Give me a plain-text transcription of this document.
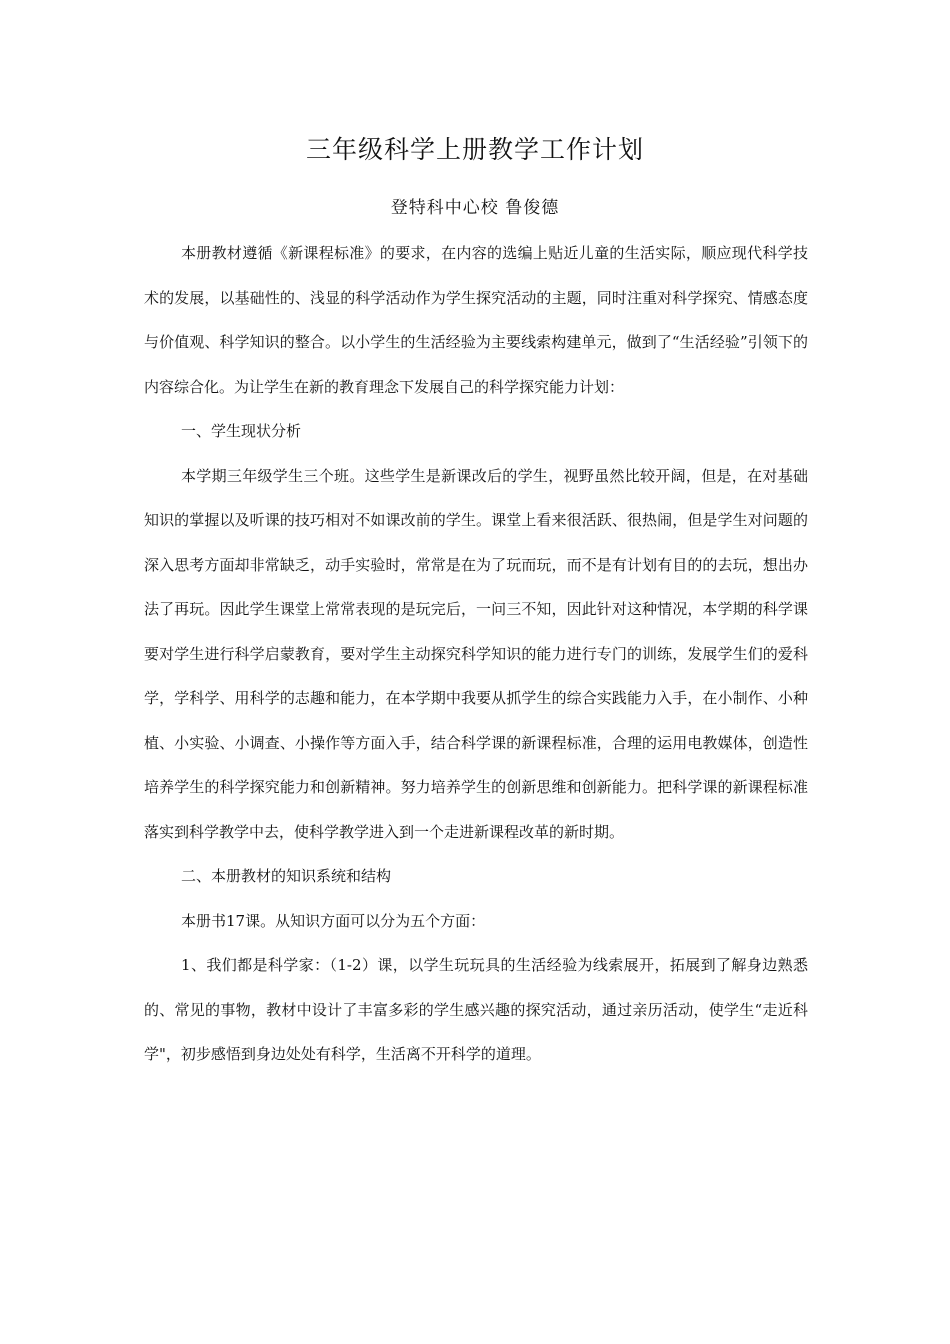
三年级科学上册教学工作计划
登特科中心校 鲁俊德

本册教材遵循《新课程标准》的要求，在内容的选编上贴近儿童的生活实际，顺应现代科学技术的发展，以基础性的、浅显的科学活动作为学生探究活动的主题，同时注重对科学探究、情感态度与价值观、科学知识的整合。以小学生的生活经验为主要线索构建单元，做到了“生活经验”引领下的内容综合化。为让学生在新的教育理念下发展自己的科学探究能力计划：

一、学生现状分析

本学期三年级学生三个班。这些学生是新课改后的学生，视野虽然比较开阔，但是，在对基础知识的掌握以及听课的技巧相对不如课改前的学生。课堂上看来很活跃、很热闹，但是学生对问题的深入思考方面却非常缺乏，动手实验时，常常是在为了玩而玩，而不是有计划有目的的去玩，想出办法了再玩。因此学生课堂上常常表现的是玩完后，一问三不知，因此针对这种情况，本学期的科学课要对学生进行科学启蒙教育，要对学生主动探究科学知识的能力进行专门的训练，发展学生们的爱科学，学科学、用科学的志趣和能力，在本学期中我要从抓学生的综合实践能力入手，在小制作、小种植、小实验、小调查、小操作等方面入手，结合科学课的新课程标准，合理的运用电教媒体，创造性培养学生的科学探究能力和创新精神。努力培养学生的创新思维和创新能力。把科学课的新课程标准落实到科学教学中去，使科学教学进入到一个走进新课程改革的新时期。

二、本册教材的知识系统和结构

本册书17课。从知识方面可以分为五个方面：

1、我们都是科学家：（1-2）课，以学生玩玩具的生活经验为线索展开，拓展到了解身边熟悉的、常见的事物，教材中设计了丰富多彩的学生感兴趣的探究活动，通过亲历活动，使学生“走近科学"，初步感悟到身边处处有科学，生活离不开科学的道理。
